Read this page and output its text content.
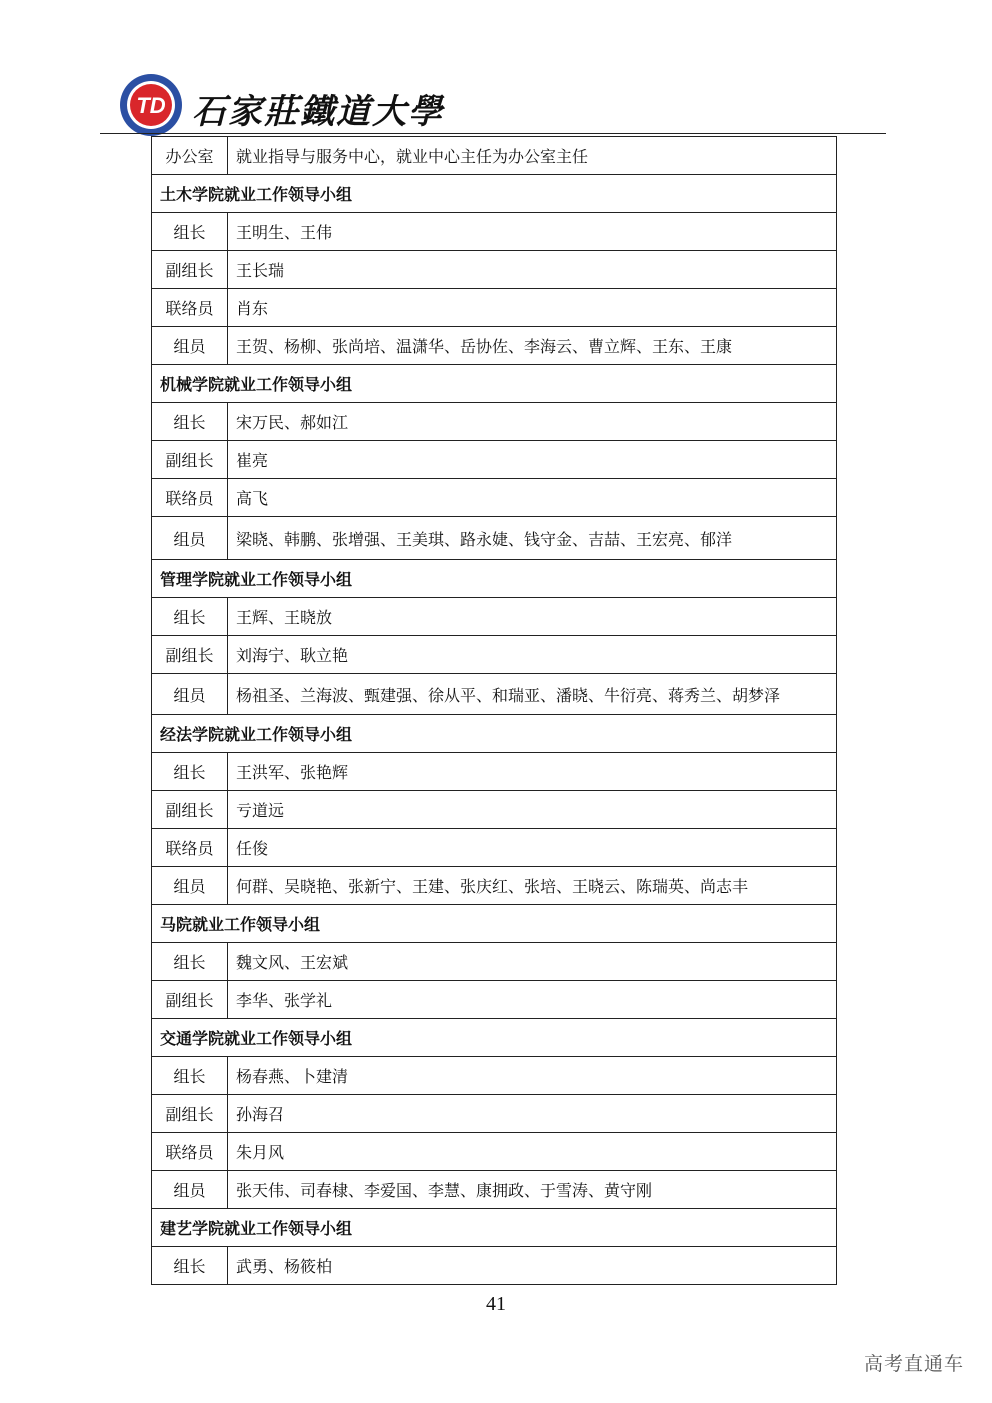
TD 石家莊鐵道大學
办公室	就业指导与服务中心，就业中心主任为办公室主任
土木学院就业工作领导小组	
组长	王明生、王伟
副组长	王长瑞
联络员	肖东
组员	王贺、杨柳、张尚培、温潇华、岳协佐、李海云、曹立辉、王东、王康
机械学院就业工作领导小组	
组长	宋万民、郝如江
副组长	崔亮
联络员	高飞
组员	梁晓、韩鹏、张增强、王美琪、路永婕、钱守金、吉喆、王宏亮、郁洋
管理学院就业工作领导小组	
组长	王辉、王晓放
副组长	刘海宁、耿立艳
组员	杨祖圣、兰海波、甄建强、徐从平、和瑞亚、潘晓、牛衍亮、蒋秀兰、胡梦泽
经法学院就业工作领导小组	
组长	王洪军、张艳辉
副组长	亏道远
联络员	任俊
组员	何群、吴晓艳、张新宁、王建、张庆红、张培、王晓云、陈瑞英、尚志丰
马院就业工作领导小组	
组长	魏文风、王宏斌
副组长	李华、张学礼
交通学院就业工作领导小组	
组长	杨春燕、卜建清
副组长	孙海召
联络员	朱月风
组员	张天伟、司春棣、李爱国、李慧、康拥政、于雪涛、黄守刚
建艺学院就业工作领导小组	
组长	武勇、杨筱柏
41
高考直通车
